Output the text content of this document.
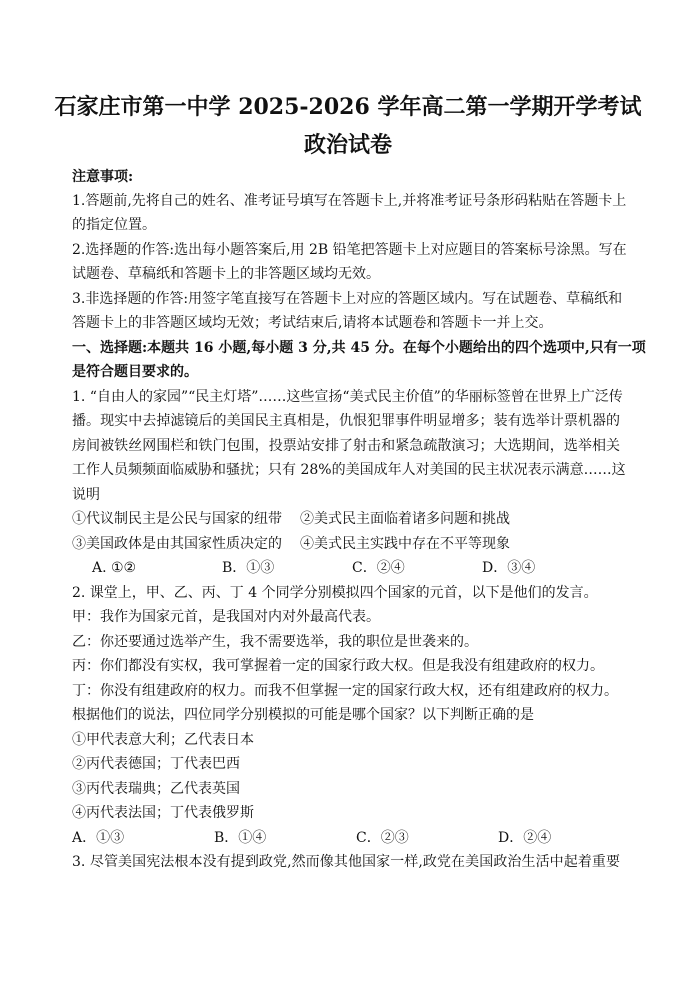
石家庄市第一中学 2025-2026 学年高二第一学期开学考试
政治试卷
注意事项:
1.答题前,先将自己的姓名、准考证号填写在答题卡上,并将准考证号条形码粘贴在答题卡上
的指定位置。
2.选择题的作答:选出每小题答案后,用 2B 铅笔把答题卡上对应题目的答案标号涂黑。写在
试题卷、草稿纸和答题卡上的非答题区域均无效。
3.非选择题的作答:用签字笔直接写在答题卡上对应的答题区域内。写在试题卷、草稿纸和
答题卡上的非答题区域均无效；考试结束后,请将本试题卷和答题卡一并上交。
一、选择题:本题共 16 小题,每小题 3 分,共 45 分。在每个小题给出的四个选项中,只有一项
是符合题目要求的。
1. “自由人的家园”“民主灯塔”……这些宣扬“美式民主价值”的华丽标签曾在世界上广泛传
播。现实中去掉滤镜后的美国民主真相是，仇恨犯罪事件明显增多；装有选举计票机器的
房间被铁丝网围栏和铁门包围，投票站安排了射击和紧急疏散演习；大选期间，选举相关
工作人员频频面临威胁和骚扰；只有 28%的美国成年人对美国的民主状况表示满意……这
说明
①代议制民主是公民与国家的纽带 ②美式民主面临着诸多问题和挑战
③美国政体是由其国家性质决定的 ④美式民主实践中存在不平等现象
A. ①②	B．①③	C．②④	D．③④
2. 课堂上，甲、乙、丙、丁 4 个同学分别模拟四个国家的元首，以下是他们的发言。
甲：我作为国家元首，是我国对内对外最高代表。
乙：你还要通过选举产生，我不需要选举，我的职位是世袭来的。
丙：你们都没有实权，我可掌握着一定的国家行政大权。但是我没有组建政府的权力。
丁：你没有组建政府的权力。而我不但掌握一定的国家行政大权，还有组建政府的权力。
根据他们的说法，四位同学分别模拟的可能是哪个国家？以下判断正确的是
①甲代表意大利；乙代表日本
②丙代表德国；丁代表巴西
③丙代表瑞典；乙代表英国
④丙代表法国；丁代表俄罗斯
A．①③	B．①④	C．②③	D．②④
3. 尽管美国宪法根本没有提到政党,然而像其他国家一样,政党在美国政治生活中起着重要
